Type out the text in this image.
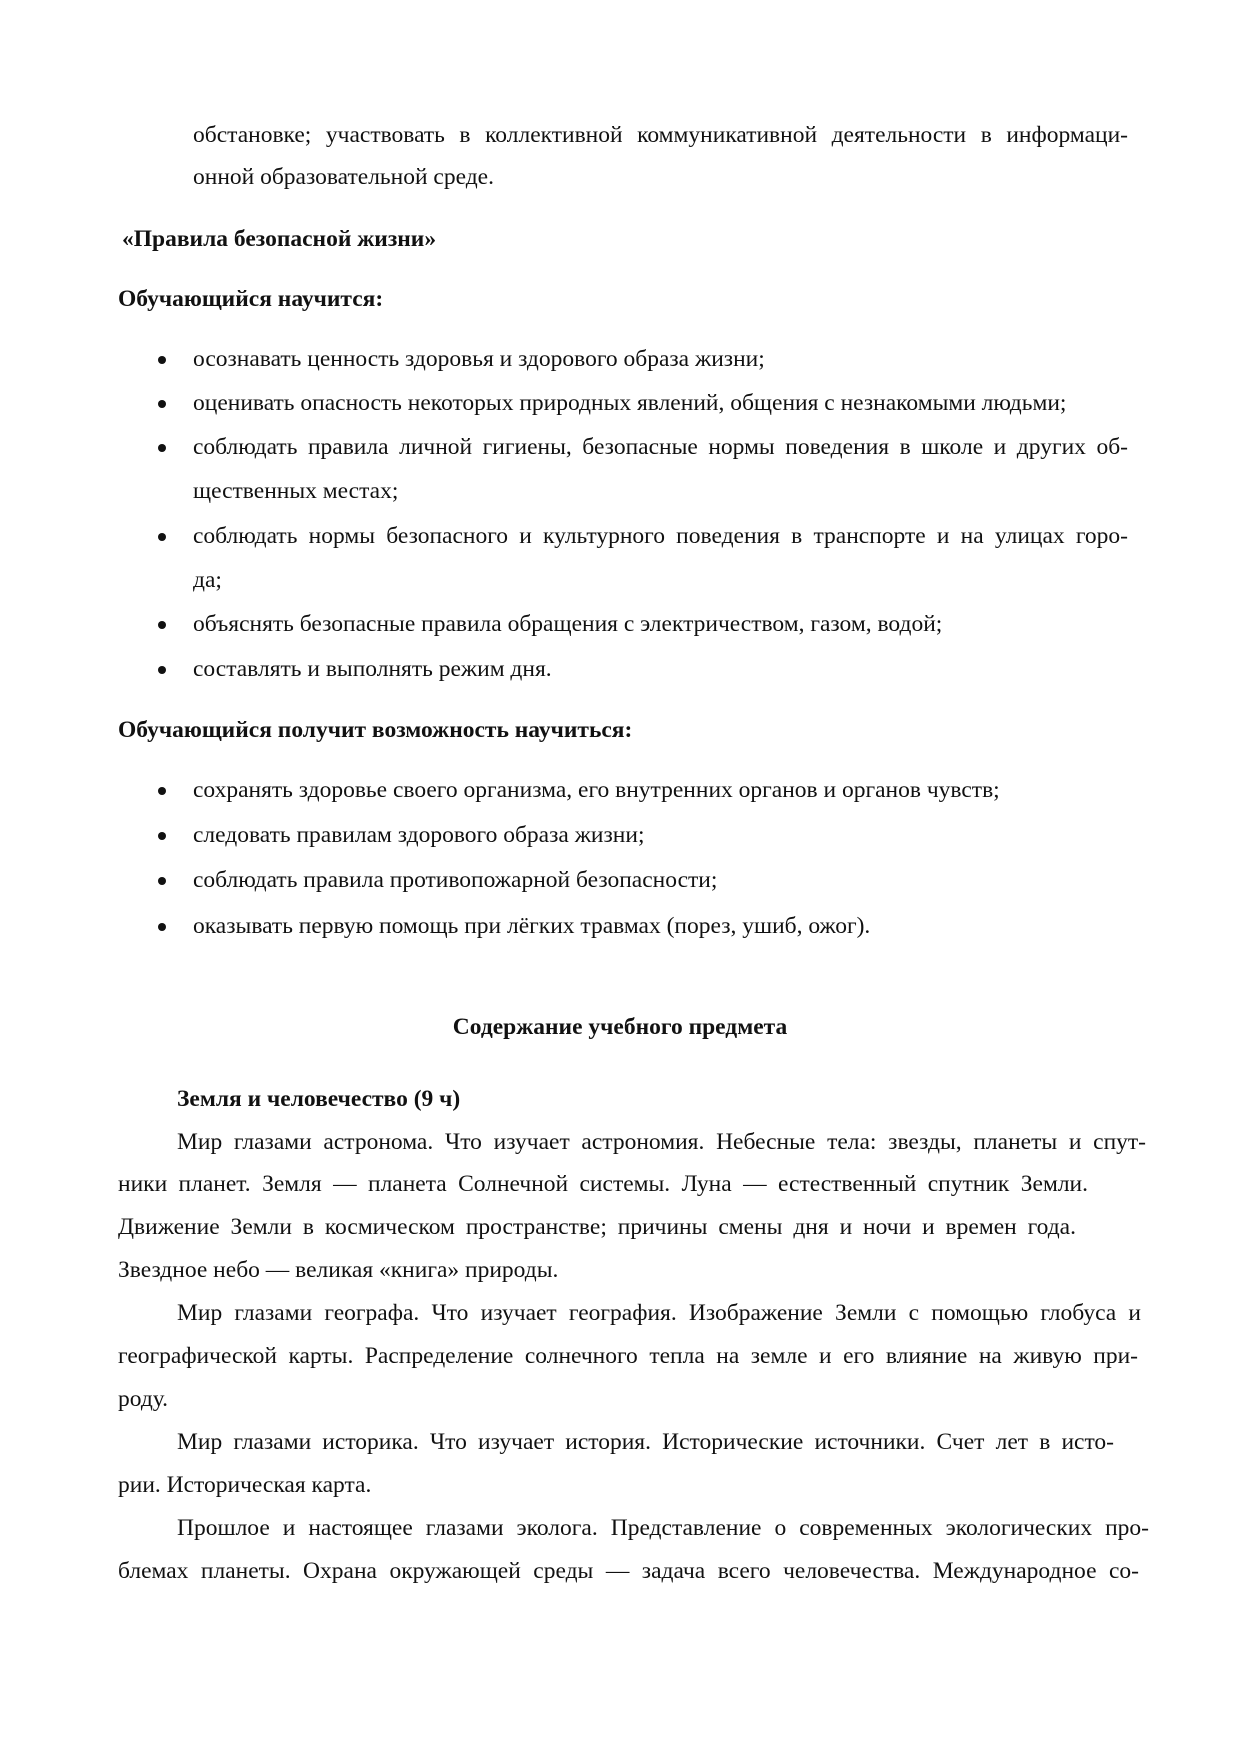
обстановке; участвовать в коллективной коммуникативной деятельности в информаци-
онной образовательной среде.
«Правила безопасной жизни»
Обучающийся научится:
осознавать ценность здоровья и здорового образа жизни;
оценивать опасность некоторых природных явлений, общения с незнакомыми людьми;
соблюдать правила личной гигиены, безопасные нормы поведения в школе и других об-
щественных местах;
соблюдать нормы безопасного и культурного поведения в транспорте и на улицах горо-
да;
объяснять безопасные правила обращения с электричеством, газом, водой;
составлять и выполнять режим дня.
Обучающийся получит возможность научиться:
сохранять здоровье своего организма, его внутренних органов и органов чувств;
следовать правилам здорового образа жизни;
соблюдать правила противопожарной безопасности;
оказывать первую помощь при лёгких травмах (порез, ушиб, ожог).
Содержание учебного предмета
Земля и человечество (9 ч)
Мир глазами астронома. Что изучает астрономия. Небесные тела: звезды, планеты и спут-
ники планет. Земля — планета Солнечной системы. Луна — естественный спутник Земли.
Движение Земли в космическом пространстве; причины смены дня и ночи и времен года.
Звездное небо — великая «книга» природы.
Мир глазами географа. Что изучает география. Изображение Земли с помощью глобуса и
географической карты. Распределение солнечного тепла на земле и его влияние на живую при-
роду.
Мир глазами историка. Что изучает история. Исторические источники. Счет лет в исто-
рии. Историческая карта.
Прошлое и настоящее глазами эколога. Представление о современных экологических про-
блемах планеты. Охрана окружающей среды — задача всего человечества. Международное со-
